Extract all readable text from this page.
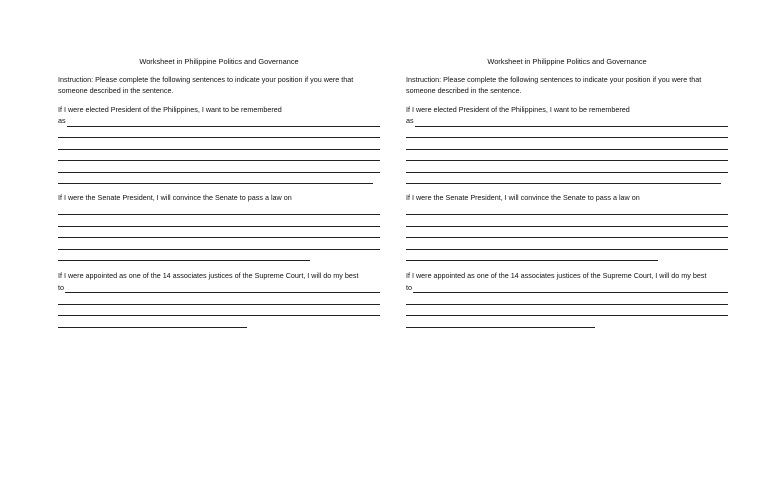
Worksheet in Philippine Politics and Governance
Instruction: Please complete the following sentences to indicate your position if you were that someone described in the sentence.
If I were elected President of the Philippines, I want to be remembered
as
If I were the Senate President, I will convince the Senate to pass a law on
If I were appointed as one of the 14 associates justices of the Supreme Court, I will do my best
to
Worksheet in Philippine Politics and Governance
Instruction: Please complete the following sentences to indicate your position if you were that someone described in the sentence.
If I were elected President of the Philippines, I want to be remembered
as
If I were the Senate President, I will convince the Senate to pass a law on
If I were appointed as one of the 14 associates justices of the Supreme Court, I will do my best
to
